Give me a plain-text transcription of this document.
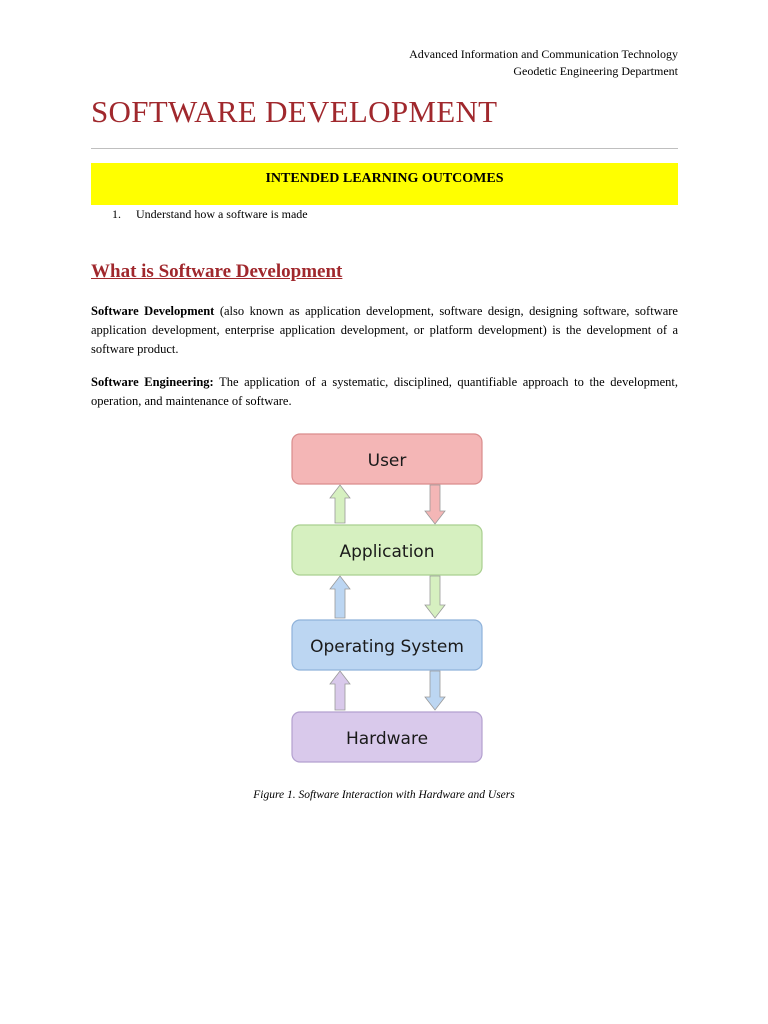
Advanced Information and Communication Technology
Geodetic Engineering Department
SOFTWARE DEVELOPMENT
INTENDED LEARNING OUTCOMES
1. Understand how a software is made
What is Software Development

Software Development (also known as application development, software design, designing software, software application development, enterprise application development, or platform development) is the development of a software product.

Software Engineering: The application of a systematic, disciplined, quantifiable approach to the development, operation, and maintenance of software.

User
Application
Operating System
Hardware

Figure 1. Software Interaction with Hardware and Users
